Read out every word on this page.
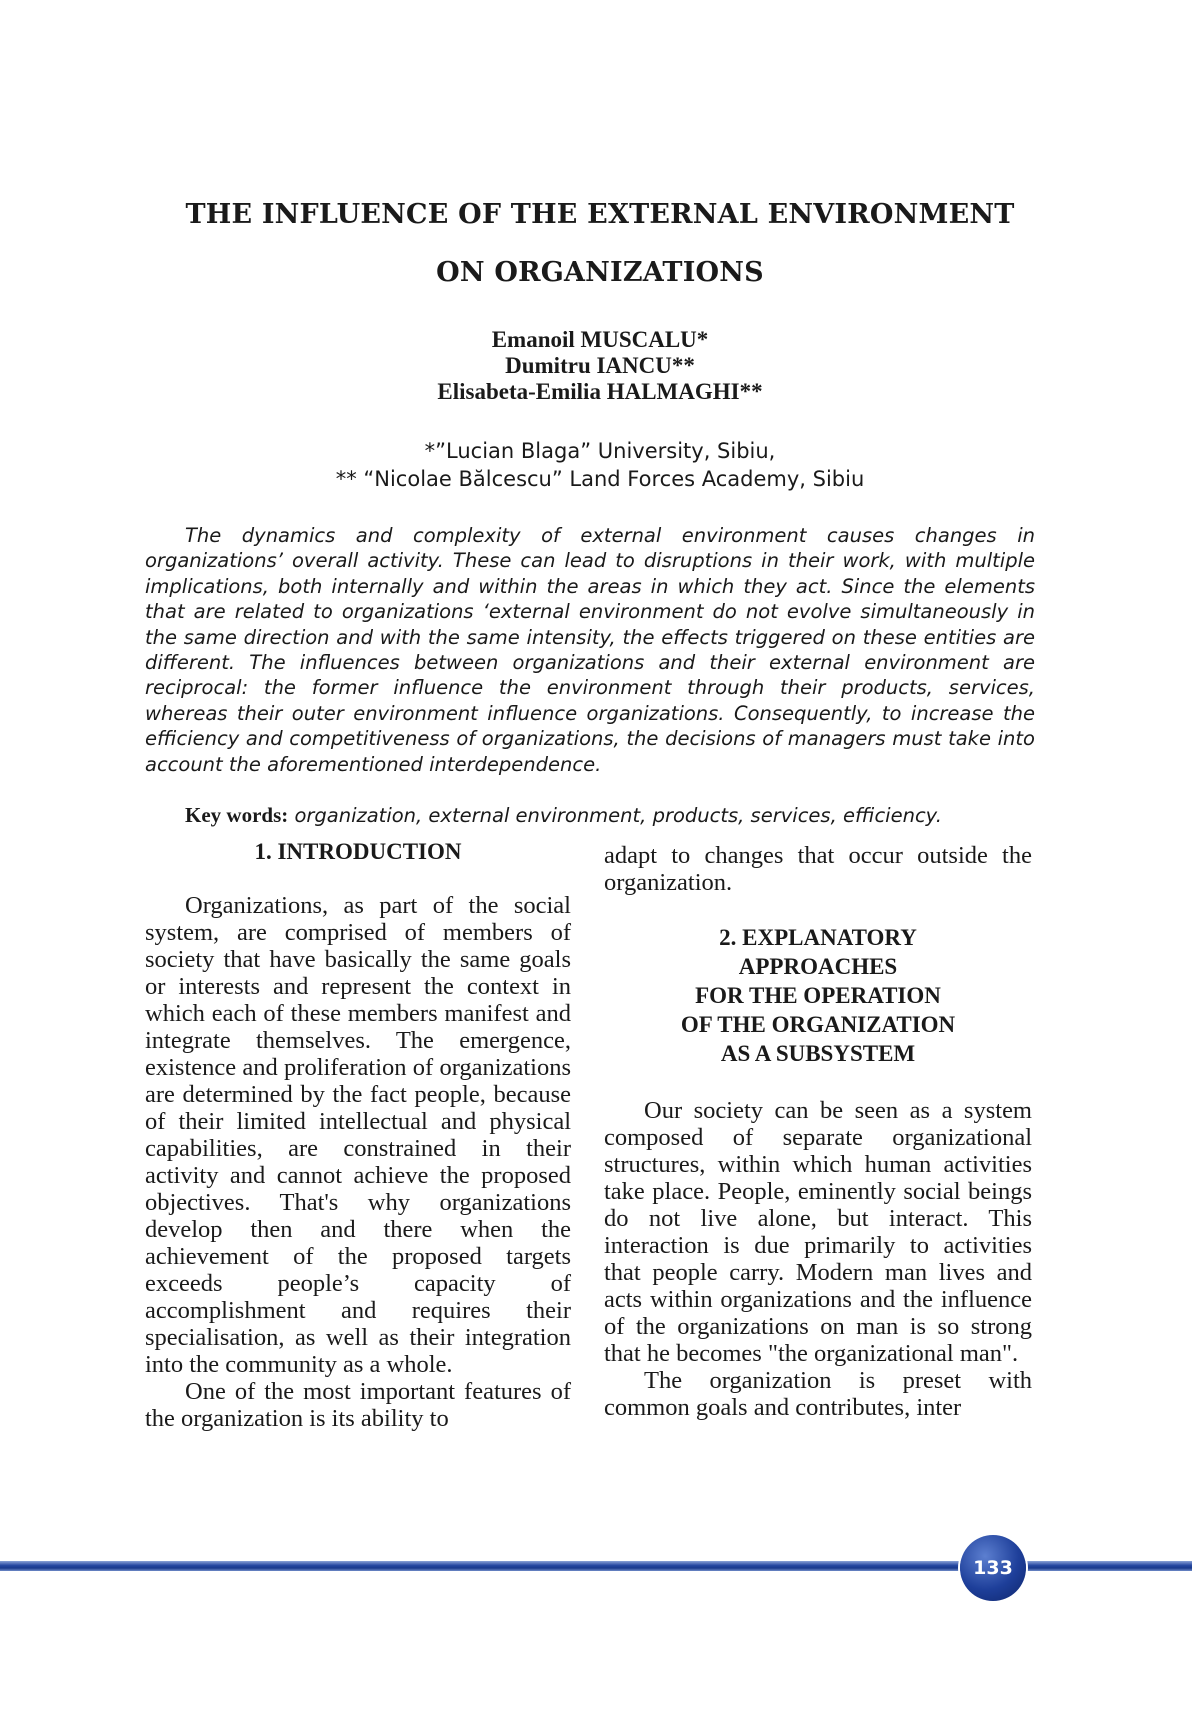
THE INFLUENCE OF THE EXTERNAL ENVIRONMENT
ON ORGANIZATIONS
Emanoil MUSCALU*
Dumitru IANCU**
Elisabeta-Emilia HALMAGHI**
*”Lucian Blaga” University, Sibiu,
** “Nicolae Bălcescu” Land Forces Academy, Sibiu
The dynamics and complexity of external environment causes changes in organizations’ overall activity. These can lead to disruptions in their work, with multiple implications, both internally and within the areas in which they act. Since the elements that are related to organizations ‘external environment do not evolve simultaneously in the same direction and with the same intensity, the effects triggered on these entities are different. The influences between organizations and their external environment are reciprocal: the former influence the environment through their products, services, whereas their outer environment influence organizations. Consequently, to increase the efficiency and competitiveness of organizations, the decisions of managers must take into account the aforementioned interdependence.
Key words: organization, external environment, products, services, efficiency.

1. INTRODUCTION

Organizations, as part of the social system, are comprised of members of society that have basically the same goals or interests and represent the context in which each of these members manifest and integrate themselves. The emergence, existence and proliferation of organizations are determined by the fact people, because of their limited intellectual and physical capabilities, are constrained in their activity and cannot achieve the proposed objectives. That's why organizations develop then and there when the achievement of the proposed targets exceeds people’s capacity of accomplishment and requires their specialisation, as well as their integration into the community as a whole.

One of the most important features of the organization is its ability to

adapt to changes that occur outside the organization.

2. EXPLANATORY

APPROACHES

FOR THE OPERATION

OF THE ORGANIZATION

AS A SUBSYSTEM

Our society can be seen as a system composed of separate organizational structures, within which human activities take place. People, eminently social beings do not live alone, but interact. This interaction is due primarily to activities that people carry. Modern man lives and acts within organizations and the influence of the organizations on man is so strong that he becomes "the organizational man".

The organization is preset with common goals and contributes, inter

133
